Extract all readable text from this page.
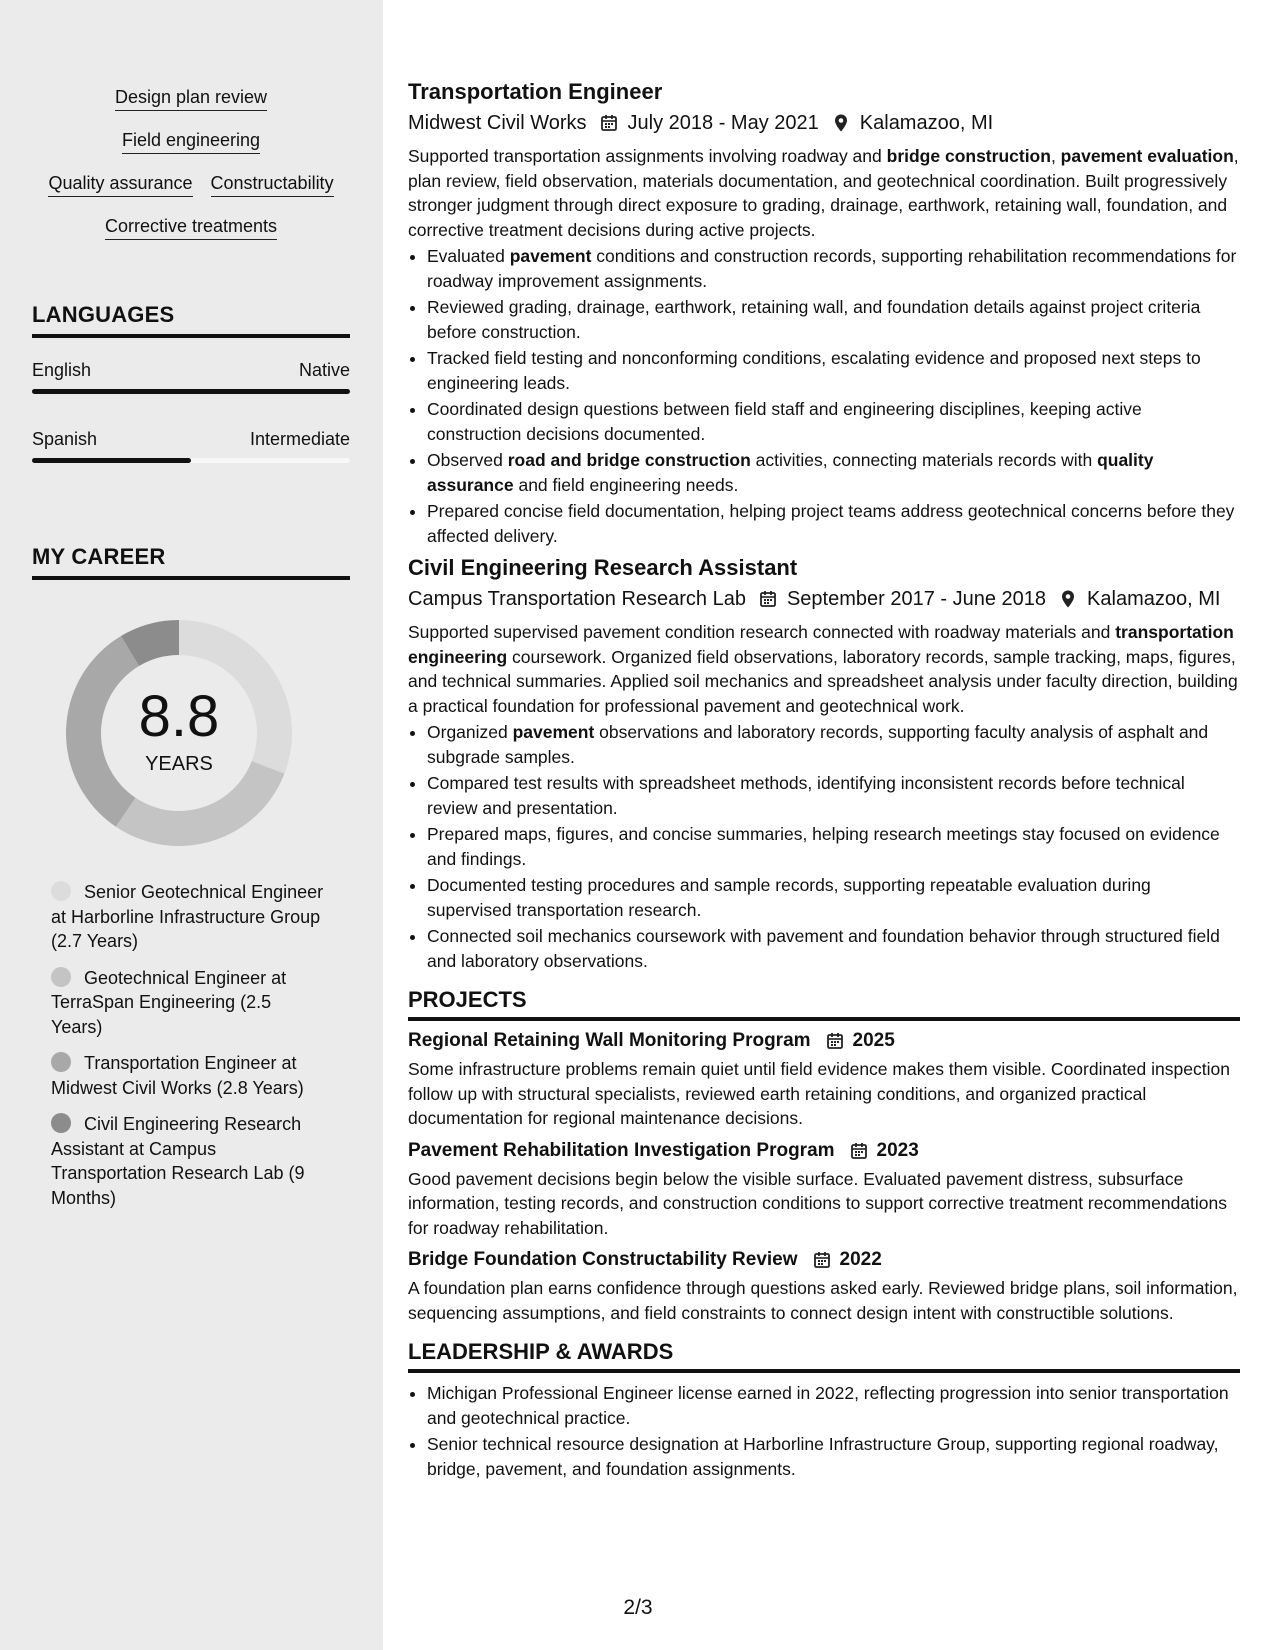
Design plan review
Field engineering
Quality assurance Constructability
Corrective treatments
LANGUAGES
English	Native
Spanish	Intermediate
MY CAREER
8.8
YEARS
Senior Geotechnical Engineer at Harborline Infrastructure Group (2.7 Years)
Geotechnical Engineer at TerraSpan Engineering (2.5 Years)
Transportation Engineer at Midwest Civil Works (2.8 Years)
Civil Engineering Research Assistant at Campus Transportation Research Lab (9 Months)
Transportation Engineer
Midwest Civil Works July 2018 - May 2021 Kalamazoo, MI
Supported transportation assignments involving roadway and bridge construction, pavement evaluation, plan review, field observation, materials documentation, and geotechnical coordination. Built progressively stronger judgment through direct exposure to grading, drainage, earthwork, retaining wall, foundation, and corrective treatment decisions during active projects.
• Evaluated pavement conditions and construction records, supporting rehabilitation recommendations for roadway improvement assignments.
• Reviewed grading, drainage, earthwork, retaining wall, and foundation details against project criteria before construction.
• Tracked field testing and nonconforming conditions, escalating evidence and proposed next steps to engineering leads.
• Coordinated design questions between field staff and engineering disciplines, keeping active construction decisions documented.
• Observed road and bridge construction activities, connecting materials records with quality assurance and field engineering needs.
• Prepared concise field documentation, helping project teams address geotechnical concerns before they affected delivery.
Civil Engineering Research Assistant
Campus Transportation Research Lab September 2017 - June 2018 Kalamazoo, MI
Supported supervised pavement condition research connected with roadway materials and transportation engineering coursework. Organized field observations, laboratory records, sample tracking, maps, figures, and technical summaries. Applied soil mechanics and spreadsheet analysis under faculty direction, building a practical foundation for professional pavement and geotechnical work.
• Organized pavement observations and laboratory records, supporting faculty analysis of asphalt and subgrade samples.
• Compared test results with spreadsheet methods, identifying inconsistent records before technical review and presentation.
• Prepared maps, figures, and concise summaries, helping research meetings stay focused on evidence and findings.
• Documented testing procedures and sample records, supporting repeatable evaluation during supervised transportation research.
• Connected soil mechanics coursework with pavement and foundation behavior through structured field and laboratory observations.
PROJECTS
Regional Retaining Wall Monitoring Program 2025
Some infrastructure problems remain quiet until field evidence makes them visible. Coordinated inspection follow up with structural specialists, reviewed earth retaining conditions, and organized practical documentation for regional maintenance decisions.
Pavement Rehabilitation Investigation Program 2023
Good pavement decisions begin below the visible surface. Evaluated pavement distress, subsurface information, testing records, and construction conditions to support corrective treatment recommendations for roadway rehabilitation.
Bridge Foundation Constructability Review 2022
A foundation plan earns confidence through questions asked early. Reviewed bridge plans, soil information, sequencing assumptions, and field constraints to connect design intent with constructible solutions.
LEADERSHIP & AWARDS
• Michigan Professional Engineer license earned in 2022, reflecting progression into senior transportation and geotechnical practice.
• Senior technical resource designation at Harborline Infrastructure Group, supporting regional roadway, bridge, pavement, and foundation assignments.
2/3
